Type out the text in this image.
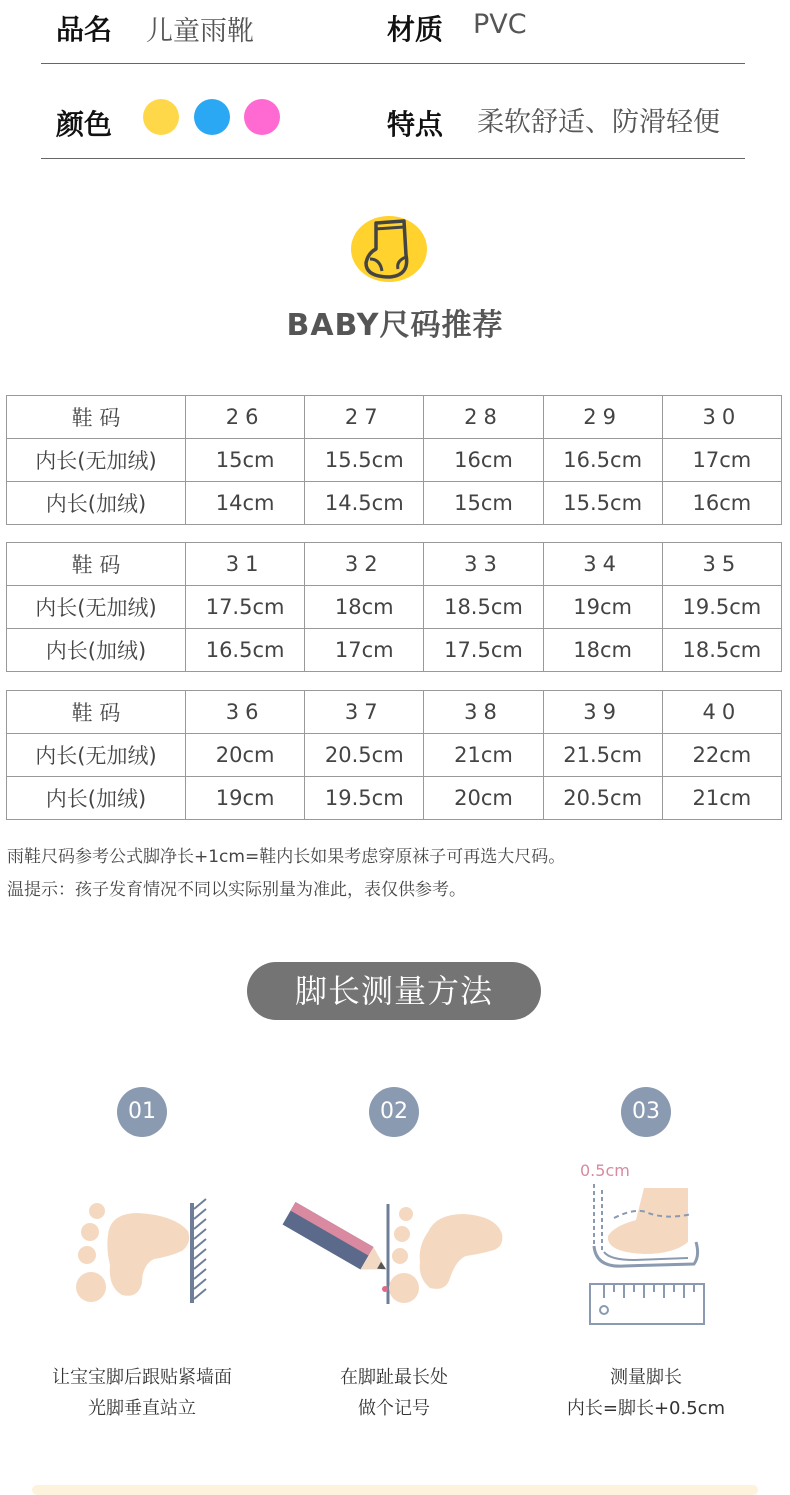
品名 儿童雨靴	材质 PVC
颜色	特点 柔软舒适、防滑轻便
BABY尺码推荐
鞋 码	26	27	28	29	30
内长(无加绒)	15cm	15.5cm	16cm	16.5cm	17cm
内长(加绒)	14cm	14.5cm	15cm	15.5cm	16cm
鞋 码	31	32	33	34	35
内长(无加绒)	17.5cm	18cm	18.5cm	19cm	19.5cm
内长(加绒)	16.5cm	17cm	17.5cm	18cm	18.5cm
鞋 码	36	37	38	39	40
内长(无加绒)	20cm	20.5cm	21cm	21.5cm	22cm
内长(加绒)	19cm	19.5cm	20cm	20.5cm	21cm
雨鞋尺码参考公式脚净长+1cm=鞋内长如果考虑穿原袜子可再选大尺码。
温提示：孩子发育情况不同以实际别量为准此，表仅供参考。
脚长测量方法
01	02	03
0.5cm
让宝宝脚后跟贴紧墙面
光脚垂直站立
在脚趾最长处
做个记号
测量脚长
内长=脚长+0.5cm
